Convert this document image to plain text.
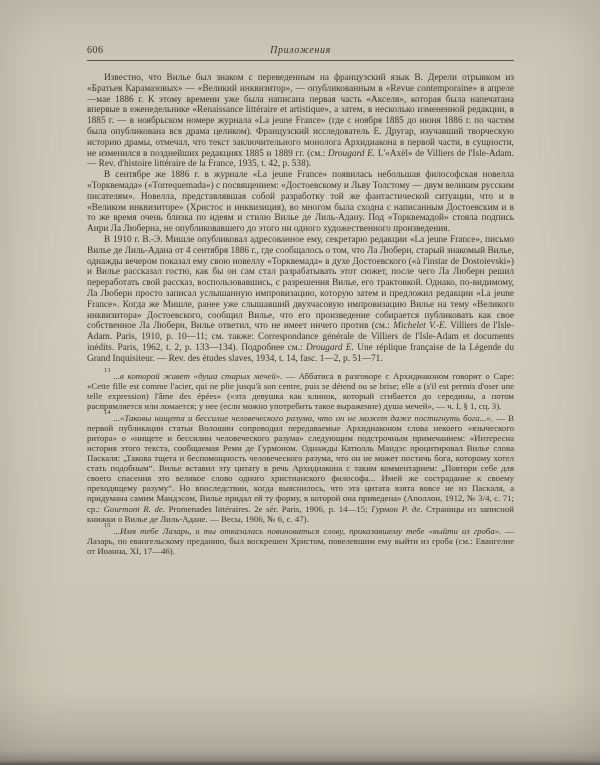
606	Приложения

Известно, что Вилье был знаком с переведенным на французский язык В. Дерели отрывком из «Братьев Карамазовых» — «Великий инквизитор», — опубликованным в «Revue contemporaine» в апреле—мае 1886 г. К этому времени уже была написана первая часть «Акселя», которая была напечатана впервые в еженедельнике «Renaissance littéraire et artistique», а затем, в несколько измененной редакции, в 1885 г. — в ноябрьском номере журнала «La jeune France» (где с ноября 1885 до июня 1886 г. по частям была опубликована вся драма целиком). Французский исследователь Е. Другар, изучавший творческую историю драмы, отмечал, что текст заключительного монолога Архидиакона в первой части, в сущности, не изменился в позднейших редакциях 1885 и 1889 гг. (см.: Drougard E. L'«Axël» de Villiers de l'Isle-Adam. — Rev. d'histoire littéraire de la France, 1935, t. 42, p. 538).

В сентябре же 1886 г. в журнале «La jeune France» появилась небольшая философская новелла «Торквемада» («Torrequemada») с посвящением: «Достоевскому и Льву Толстому — двум великим русским писателям». Новелла, представлявшая собой разработку той же фантастической ситуации, что и в «Великом инквизиторе» (Христос и инквизиция), во многом была сходна с написанным Достоевским и в то же время очень близка по идеям и стилю Вилье де Лиль-Адану. Под «Торквемадой» стояла подпись Анри Ла Люберна, не опубликовавшего до этого ни одного художественного произведения.

В 1910 г. В.-Э. Мишле опубликовал адресованное ему, секретарю редакции «La jeune France», письмо Вилье де Лиль-Адана от 4 сентября 1886 г., где сообщалось о том, что Ла Люберн, старый знакомый Вилье, однажды вечером показал ему свою новеллу «Торквемада» в духе Достоевского («à l'instar de Dostoievski») и Вилье рассказал гостю, как бы он сам стал разрабатывать этот сюжет, после чего Ла Люберн решил переработать свой рассказ, воспользовавшись, с разрешения Вилье, его трактовкой. Однако, по-видимому, Ла Люберн просто записал услышанную импровизацию, которую затем и предложил редакции «La jeune France». Когда же Мишле, ранее уже слышавший двухчасовую импровизацию Вилье на тему «Великого инквизитора» Достоевского, сообщил Вилье, что его произведение собирается публиковать как свое собственное Ла Люберн, Вилье ответил, что не имеет ничего против (см.: Michelet V.-E. Villiers de l'Isle-Adam. Paris, 1910, p. 10—11; см. также: Correspondance générale de Villiers de l'Isle-Adam et documents inédits. Paris, 1962, t. 2, p. 133—134). Подробнее см.: Drougard E. Une réplique française de la Légende du Grand Inquisiteur. — Rev. des études slaves, 1934, t. 14, fasc. 1—2, p. 51—71.

$^{13}$...в которой живет «душа старых мечей». — Аббатиса в разговоре с Архидиаконом говорит о Саре: «Cette fille est comme l'acier, qui ne plie jusqu'à son centre, puis se détend ou se brise; elle a (s'il est permis d'oser une telle expression) l'âme des épées» («эта девушка как клинок, который сгибается до середины, а потом распрямляется или ломается; у нее (если можно употребить такое выражение) душа мечей», — ч. I, § 1, сц. 3).

$^{14}$...«Таковы нищета и бессилие человеческого разума, что он не может даже постигнуть бога...». — В первой публикации статьи Волошин сопроводил передаваемые Архидиаконом слова некоего «языческого ритора» о «нищете и бессилии человеческого разума» следующим подстрочным примечанием: «Интересна история этого текста, сообщаемая Реми де Гурмоном. Однажды Катюлль Мандэс процитировал Вилье слова Паскаля: „Такова тщета и беспомощность человеческого разума, что он не может постичь бога, которому хотел стать подобным“. Вилье вставил эту цитату в речь Архидиакона с таким комментарием: „Повтори себе для своего спасения это великое слово одного христианского философа... Имей же сострадание к своему преходящему разуму“. Но впоследствии, когда выяснилось, что эта цитата взята вовсе не из Паскаля, а придумана самим Мандэсом, Вилье придал ей ту форму, в которой она приведена» (Аполлон, 1912, № 3/4, с. 71; ср.: Gourmont R. de. Promenades littéraires. 2e sér. Paris, 1906, p. 14—15; Гурмон Р. де. Страницы из записной книжки о Вилье де Лиль-Адане. — Весы, 1906, № 6, с. 47).

$^{15}$...Имя тебе Лазарь, и ты отказалась повиноваться слову, приказавшему тебе «выйти из гроба». — Лазарь, по евангельскому преданию, был воскрешен Христом, повелевшим ему выйти из гроба (см.: Евангелие от Иоанна, XI, 17—46).
